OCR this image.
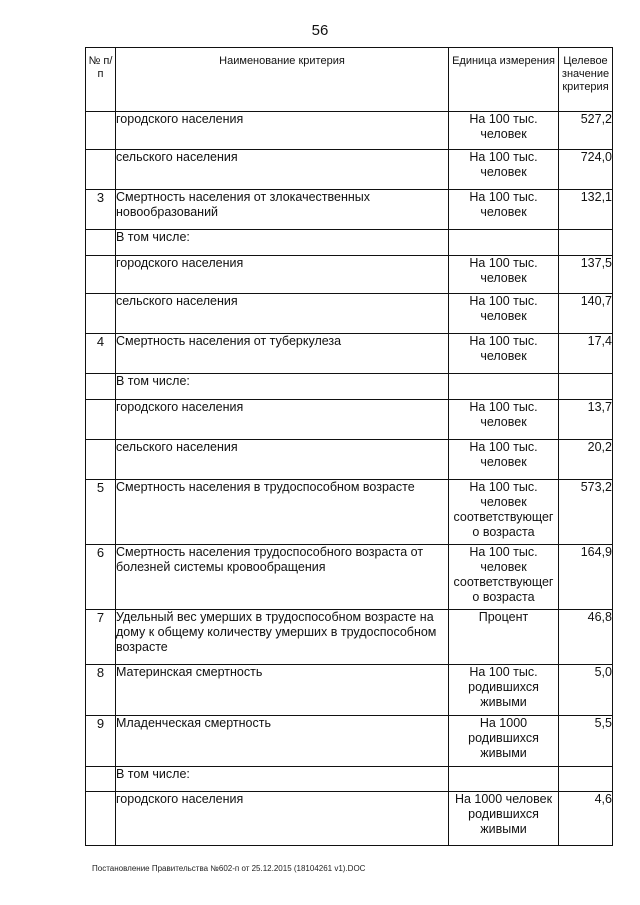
56
№ п/п	Наименование критерия	Единица измерения	Целевое значение критерия
	городского населения	На 100 тыс. человек	527,2
	сельского населения	На 100 тыс. человек	724,0
3	Смертность населения от злокачественных новообразований	На 100 тыс. человек	132,1
	В том числе:		
	городского населения	На 100 тыс. человек	137,5
	сельского населения	На 100 тыс. человек	140,7
4	Смертность населения от туберкулеза	На 100 тыс. человек	17,4
	В том числе:		
	городского населения	На 100 тыс. человек	13,7
	сельского населения	На 100 тыс. человек	20,2
5	Смертность населения в трудоспособном возрасте	На 100 тыс. человек соответствующег о возраста	573,2
6	Смертность населения трудоспособного возраста от болезней системы кровообращения	На 100 тыс. человек соответствующег о возраста	164,9
7	Удельный вес умерших в трудоспособном возрасте на дому к общему количеству умерших в трудоспособном возрасте	Процент	46,8
8	Материнская смертность	На 100 тыс. родившихся живыми	5,0
9	Младенческая смертность	На 1000 родившихся живыми	5,5
	В том числе:		
	городского населения	На 1000 человек родившихся живыми	4,6
Постановление Правительства №602-п от 25.12.2015 (18104261 v1).DOC
